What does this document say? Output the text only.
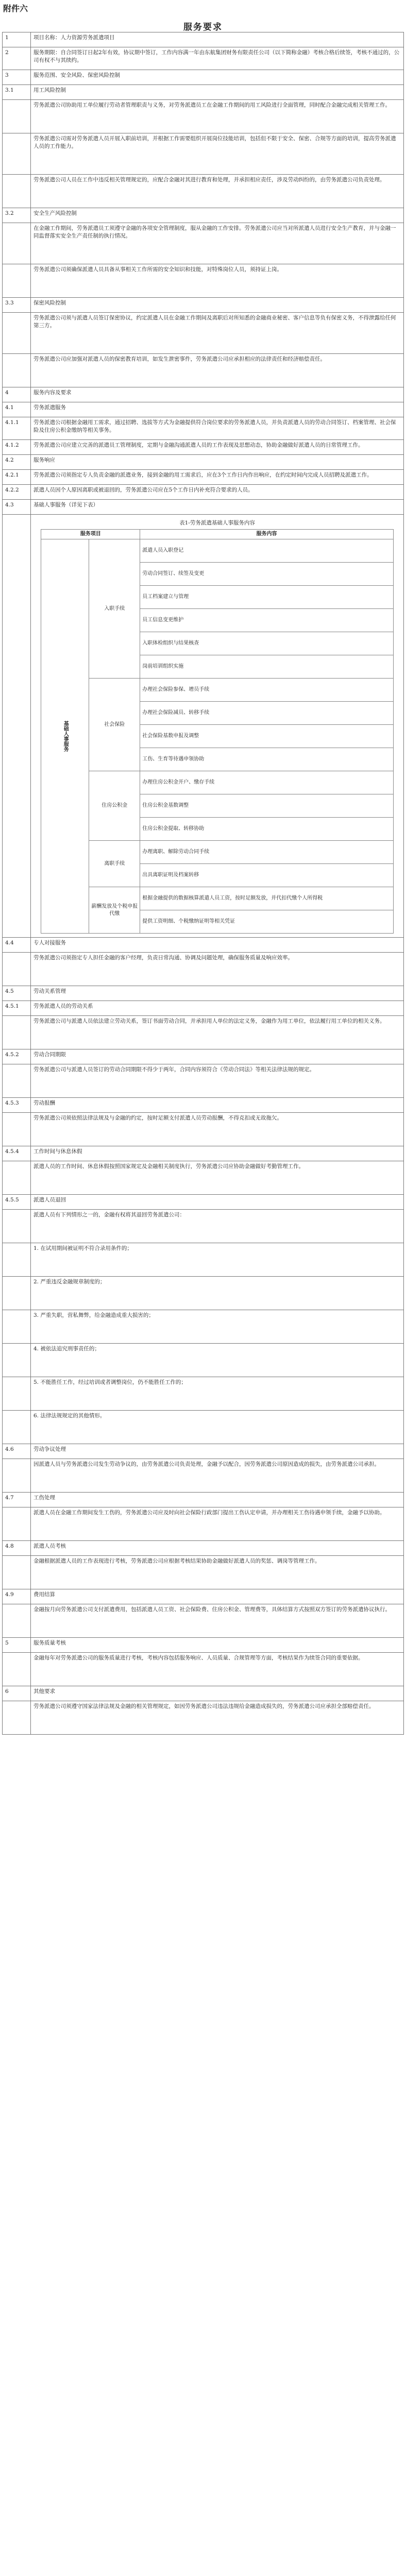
附件六
服务要求
1	项目名称：人力资源劳务派遣项目
2	服务期限：自合同签订日起2年有效，协议期中签订，工作内容满一年由东航集团财务有限责任公司（以下简称金融）考核合格后续签，考核不通过的，公司有权不与其续约。
3	服务范围、安全风险、保密风险控制
3.1	用工风险控制
	劳务派遣公司协助用工单位履行劳动者管理职责与义务，对劳务派遣员工在金融工作期间的用工风险进行全面管理，同时配合金融完成相关管理工作。
	劳务派遣公司需对劳务派遣人员开展入职前培训，并根据工作需要组织开展岗位技能培训，包括但不限于安全、保密、合规等方面的培训，提高劳务派遣人员的工作能力。
	劳务派遣公司人员在工作中违反相关管理规定的，应配合金融对其进行教育和处理，并承担相应责任，涉及劳动纠纷的，由劳务派遣公司负责处理。
3.2	安全生产风险控制
	在金融工作期间，劳务派遣员工须遵守金融的各项安全管理制度，服从金融的工作安排。劳务派遣公司应当对所派遣人员进行安全生产教育，并与金融一同监督落实安全生产责任制的执行情况。
	劳务派遣公司须确保派遣人员具备从事相关工作所需的安全知识和技能，对特殊岗位人员，须持证上岗。
3.3	保密风险控制
	劳务派遣公司须与派遣人员签订保密协议，约定派遣人员在金融工作期间及离职后对所知悉的金融商业秘密、客户信息等负有保密义务，不得泄露给任何第三方。
	劳务派遣公司应加强对派遣人员的保密教育培训，如发生泄密事件，劳务派遣公司应承担相应的法律责任和经济赔偿责任。
4	服务内容及要求
4.1	劳务派遣服务
4.1.1	劳务派遣公司根据金融用工需求，通过招聘、选拔等方式为金融提供符合岗位要求的劳务派遣人员，并负责派遣人员的劳动合同签订、档案管理、社会保险及住房公积金缴纳等相关事务。
4.1.2	劳务派遣公司应建立完善的派遣员工管理制度，定期与金融沟通派遣人员的工作表现及思想动态，协助金融做好派遣人员的日常管理工作。
4.2	服务响应
4.2.1	劳务派遣公司须指定专人负责金融的派遣业务，接到金融的用工需求后，应在3个工作日内作出响应，在约定时间内完成人员招聘及派遣工作。
4.2.2	派遣人员因个人原因离职或被退回的，劳务派遣公司应在5个工作日内补充符合要求的人员。
4.3	基础人事服务（详见下表）

表1-劳务派遣基础人事服务内容
服务项目	服务内容
基础人事服务	入职手续	派遣人员入职登记
劳动合同签订、续签及变更
员工档案建立与管理
员工信息变更维护
入职体检组织与结果核查
岗前培训组织实施
社会保险	办理社会保险参保、增员手续
办理社会保险减员、转移手续
社会保险基数申报及调整
工伤、生育等待遇申领协助
住房公积金	办理住房公积金开户、缴存手续
住房公积金基数调整
住房公积金提取、转移协助
离职手续	办理离职、解除劳动合同手续
出具离职证明及档案转移
薪酬发放及个税申报代缴	根据金融提供的数据核算派遣人员工资，按时足额发放，并代扣代缴个人所得税
提供工资明细、个税缴纳证明等相关凭证

4.4	专人对接服务
	劳务派遣公司须指定专人担任金融的客户经理，负责日常沟通、协调及问题处理，确保服务质量及响应效率。
4.5	劳动关系管理
4.5.1	劳务派遣人员的劳动关系
	劳务派遣公司与派遣人员依法建立劳动关系，签订书面劳动合同，并承担用人单位的法定义务，金融作为用工单位，依法履行用工单位的相关义务。
4.5.2	劳动合同期限
	劳务派遣公司与派遣人员签订的劳动合同期限不得少于两年，合同内容须符合《劳动合同法》等相关法律法规的规定。
4.5.3	劳动报酬
	劳务派遣公司须依照法律法规及与金融的约定，按时足额支付派遣人员劳动报酬，不得克扣或无故拖欠。
4.5.4	工作时间与休息休假
	派遣人员的工作时间、休息休假按照国家规定及金融相关制度执行，劳务派遣公司应协助金融做好考勤管理工作。
4.5.5	派遣人员退回
	派遣人员有下列情形之一的，金融有权将其退回劳务派遣公司：
	1. 在试用期间被证明不符合录用条件的；
	2. 严重违反金融规章制度的；
	3. 严重失职，营私舞弊，给金融造成重大损害的；
	4. 被依法追究刑事责任的；
	5. 不能胜任工作，经过培训或者调整岗位，仍不能胜任工作的；
	6. 法律法规规定的其他情形。
4.6	劳动争议处理
	因派遣人员与劳务派遣公司发生劳动争议的，由劳务派遣公司负责处理，金融予以配合，因劳务派遣公司原因造成的损失，由劳务派遣公司承担。
4.7	工伤处理
	派遣人员在金融工作期间发生工伤的，劳务派遣公司应及时向社会保险行政部门提出工伤认定申请，并办理相关工伤待遇申领手续，金融予以协助。
4.8	派遣人员考核
	金融根据派遣人员的工作表现进行考核，劳务派遣公司应根据考核结果协助金融做好派遣人员的奖惩、调岗等管理工作。
4.9	费用结算
	金融按月向劳务派遣公司支付派遣费用，包括派遣人员工资、社会保险费、住房公积金、管理费等，具体结算方式按照双方签订的劳务派遣协议执行。
5	服务质量考核
	金融每年对劳务派遣公司的服务质量进行考核，考核内容包括服务响应、人员质量、合规管理等方面，考核结果作为续签合同的重要依据。
6	其他要求
	劳务派遣公司须遵守国家法律法规及金融的相关管理规定，如因劳务派遣公司违法违规给金融造成损失的，劳务派遣公司应承担全部赔偿责任。
